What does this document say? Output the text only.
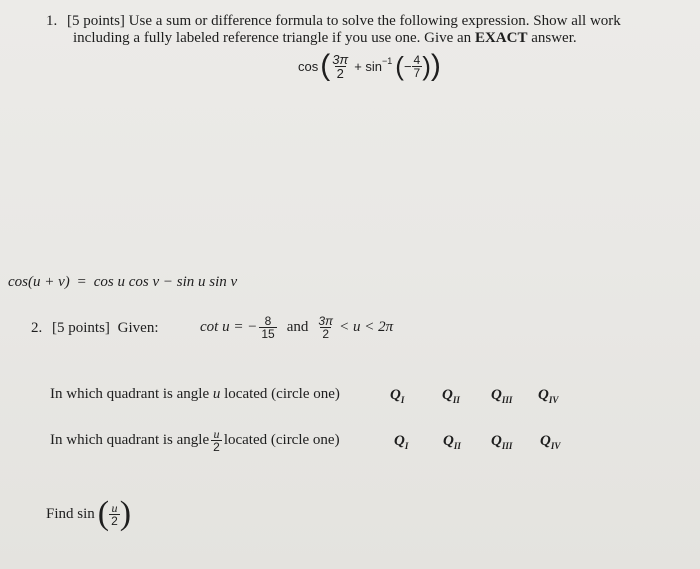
1. [5 points] Use a sum or difference formula to solve the following expression. Show all work
including a fully labeled reference triangle if you use one. Give an EXACT answer.
cos ( $\frac{3\pi}{2} + \sin^{-1}$ ( − $\frac{4}{7}$ ) )
cos(u + v) = cos u cos v − sin u sin v
2. [5 points] Given:	cot u = − $\frac{8}{15}$ and $\frac{3\pi}{2} < u < 2\pi$
In which quadrant is angle u located (circle one)	$Q_I$	$Q_{II}$ $Q_{III}$ $Q_{IV}$
In which quadrant is angle $\frac{u}{2}$ located (circle one)	$Q_I$ $Q_{II}$ $Q_{III}$ $Q_{IV}$
Find sin ( $\frac{u}{2}$ )
